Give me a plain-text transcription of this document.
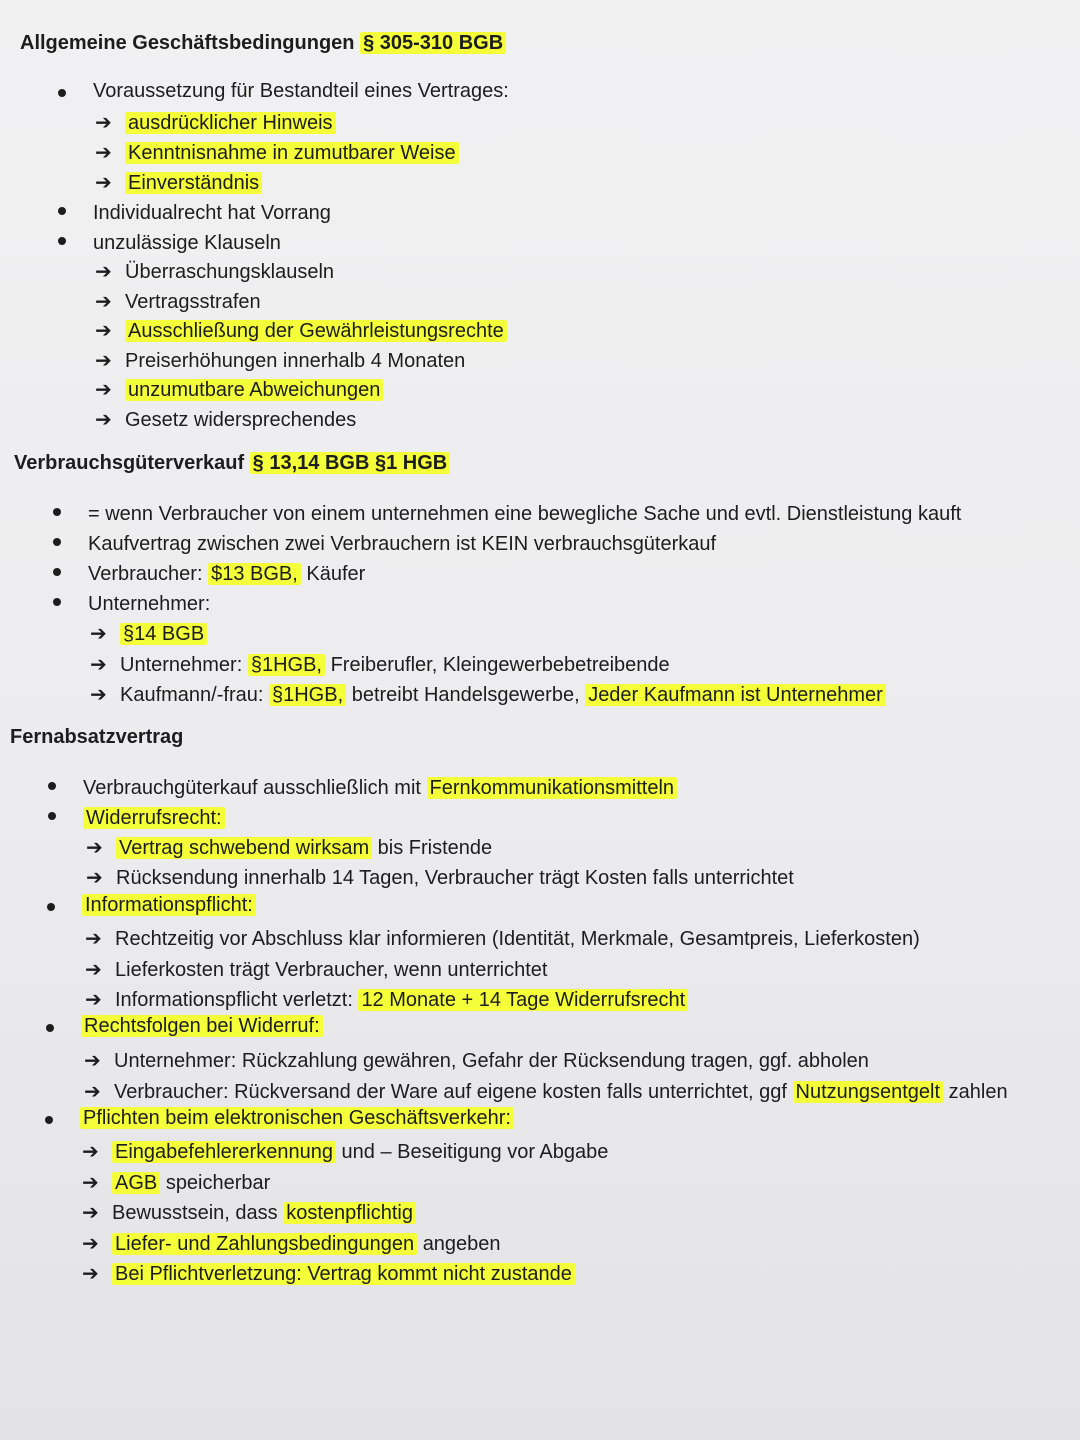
Allgemeine Geschäftsbedingungen § 305-310 BGB

Voraussetzung für Bestandteil eines Vertrages:
➔ ausdrücklicher Hinweis
➔ Kenntnisnahme in zumutbarer Weise
➔ Einverständnis
Individualrecht hat Vorrang
unzulässige Klauseln
➔ Überraschungsklauseln
➔ Vertragsstrafen
➔ Ausschließung der Gewährleistungsrechte
➔ Preiserhöhungen innerhalb 4 Monaten
➔ unzumutbare Abweichungen
➔ Gesetz widersprechendes

Verbrauchsgüterverkauf § 13,14 BGB §1 HGB

= wenn Verbraucher von einem unternehmen eine bewegliche Sache und evtl. Dienstleistung kauft
Kaufvertrag zwischen zwei Verbrauchern ist KEIN verbrauchsgüterkauf
Verbraucher: $13 BGB, Käufer
Unternehmer:
➔ §14 BGB
➔ Unternehmer: §1HGB, Freiberufler, Kleingewerbebetreibende
➔ Kaufmann/-frau: §1HGB, betreibt Handelsgewerbe, Jeder Kaufmann ist Unternehmer

Fernabsatzvertrag

Verbrauchgüterkauf ausschließlich mit Fernkommunikationsmitteln
Widerrufsrecht:
➔ Vertrag schwebend wirksam bis Fristende
➔ Rücksendung innerhalb 14 Tagen, Verbraucher trägt Kosten falls unterrichtet
Informationspflicht:
➔ Rechtzeitig vor Abschluss klar informieren (Identität, Merkmale, Gesamtpreis, Lieferkosten)
➔ Lieferkosten trägt Verbraucher, wenn unterrichtet
➔ Informationspflicht verletzt: 12 Monate + 14 Tage Widerrufsrecht
Rechtsfolgen bei Widerruf:
➔ Unternehmer: Rückzahlung gewähren, Gefahr der Rücksendung tragen, ggf. abholen
➔ Verbraucher: Rückversand der Ware auf eigene kosten falls unterrichtet, ggf Nutzungsentgelt zahlen
Pflichten beim elektronischen Geschäftsverkehr:
➔ Eingabefehlererkennung und – Beseitigung vor Abgabe
➔ AGB speicherbar
➔ Bewusstsein, dass kostenpflichtig
➔ Liefer- und Zahlungsbedingungen angeben
➔ Bei Pflichtverletzung: Vertrag kommt nicht zustande
